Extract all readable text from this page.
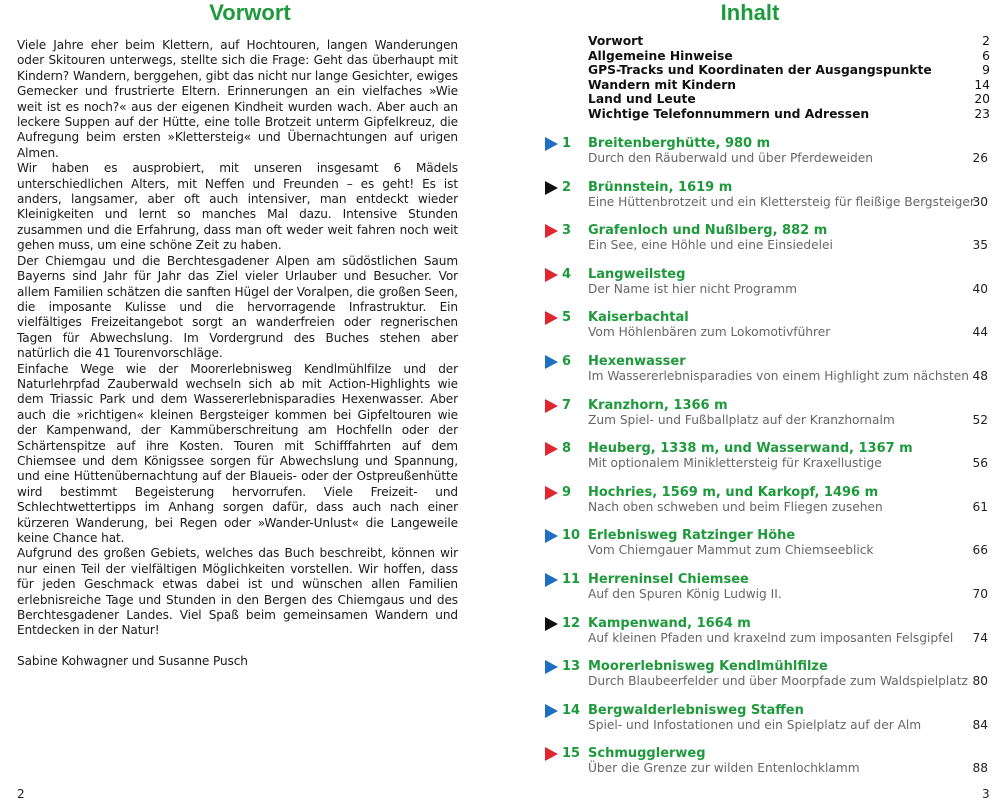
Vorwort

Viele Jahre eher beim Klettern, auf Hochtouren, langen Wanderungen oder Skitouren unterwegs, stellte sich die Frage: Geht das überhaupt mit Kindern? Wandern, berggehen, gibt das nicht nur lange Gesichter, ewiges Gemecker und frustrierte Eltern. Erinnerungen an ein vielfaches »Wie weit ist es noch?« aus der eigenen Kindheit wurden wach. Aber auch an leckere Suppen auf der Hütte, eine tolle Brotzeit unterm Gipfelkreuz, die Aufregung beim ersten »Klettersteig« und Übernachtungen auf urigen Almen.

Wir haben es ausprobiert, mit unseren insgesamt 6 Mädels unterschiedlichen Alters, mit Neffen und Freunden – es geht! Es ist anders, langsamer, aber oft auch intensiver, man entdeckt wieder Kleinigkeiten und lernt so manches Mal dazu. Intensive Stunden zusammen und die Erfahrung, dass man oft weder weit fahren noch weit gehen muss, um eine schöne Zeit zu haben.

Der Chiemgau und die Berchtesgadener Alpen am südöstlichen Saum Bayerns sind Jahr für Jahr das Ziel vieler Urlauber und Besucher. Vor allem Familien schätzen die sanften Hügel der Voralpen, die großen Seen, die imposante Kulisse und die hervorragende Infrastruktur. Ein vielfältiges Freizeitangebot sorgt an wanderfreien oder regnerischen Tagen für Abwechslung. Im Vordergrund des Buches stehen aber natürlich die 41 Tourenvorschläge.

Einfache Wege wie der Moorerlebnisweg Kendlmühlfilze und der Naturlehrpfad Zauberwald wechseln sich ab mit Action-Highlights wie dem Triassic Park und dem Wassererlebnisparadies Hexenwasser. Aber auch die »richtigen« kleinen Bergsteiger kommen bei Gipfeltouren wie der Kampenwand, der Kammüberschreitung am Hochfelln oder der Schärtenspitze auf ihre Kosten. Touren mit Schifffahrten auf dem Chiemsee und dem Königssee sorgen für Abwechslung und Spannung, und eine Hüttenübernachtung auf der Blaueis- oder der Ostpreußenhütte wird bestimmt Begeisterung hervorrufen. Viele Freizeit- und Schlechtwettertipps im Anhang sorgen dafür, dass auch nach einer kürzeren Wanderung, bei Regen oder »Wander-Unlust« die Langeweile keine Chance hat.

Aufgrund des großen Gebiets, welches das Buch beschreibt, können wir nur einen Teil der vielfältigen Möglichkeiten vorstellen. Wir hoffen, dass für jeden Geschmack etwas dabei ist und wünschen allen Familien erlebnisreiche Tage und Stunden in den Bergen des Chiemgaus und des Berchtesgadener Landes. Viel Spaß beim gemeinsamen Wandern und Entdecken in der Natur!

Sabine Kohwagner und Susanne Pusch

2
Inhalt
Vorwort	2
Allgemeine Hinweise	6
GPS-Tracks und Koordinaten der Ausgangspunkte	9
Wandern mit Kindern	14
Land und Leute	20
Wichtige Telefonnummern und Adressen	23
1 Breitenberghütte, 980 m
Durch den Räuberwald und über Pferdeweiden	26
2 Brünnstein, 1619 m
Eine Hüttenbrotzeit und ein Klettersteig für fleißige Bergsteiger
30
3 Grafenloch und Nußlberg, 882 m
Ein See, eine Höhle und eine Einsiedelei	35
4 Langweilsteg
Der Name ist hier nicht Programm	40
5 Kaiserbachtal
Vom Höhlenbären zum Lokomotivführer	44
6 Hexenwasser
Im Wassererlebnisparadies von einem Highlight zum nächsten 48
7 Kranzhorn, 1366 m
Zum Spiel- und Fußballplatz auf der Kranzhornalm	52
8 Heuberg, 1338 m, und Wasserwand, 1367 m
Mit optionalem Miniklettersteig für Kraxellustige	56
9 Hochries, 1569 m, und Karkopf, 1496 m
Nach oben schweben und beim Fliegen zusehen	61
10 Erlebnisweg Ratzinger Höhe
Vom Chiemgauer Mammut zum Chiemseeblick	66
11 Herreninsel Chiemsee
Auf den Spuren König Ludwig II.	70
12 Kampenwand, 1664 m
Auf kleinen Pfaden und kraxelnd zum imposanten Felsgipfel 74
13 Moorerlebnisweg Kendlmühlfilze
Durch Blaubeerfelder und über Moorpfade zum Waldspielplatz 80
14 Bergwalderlebnisweg Staffen
Spiel- und Infostationen und ein Spielplatz auf der Alm	84
15 Schmugglerweg
Über die Grenze zur wilden Entenlochklamm	88
3
